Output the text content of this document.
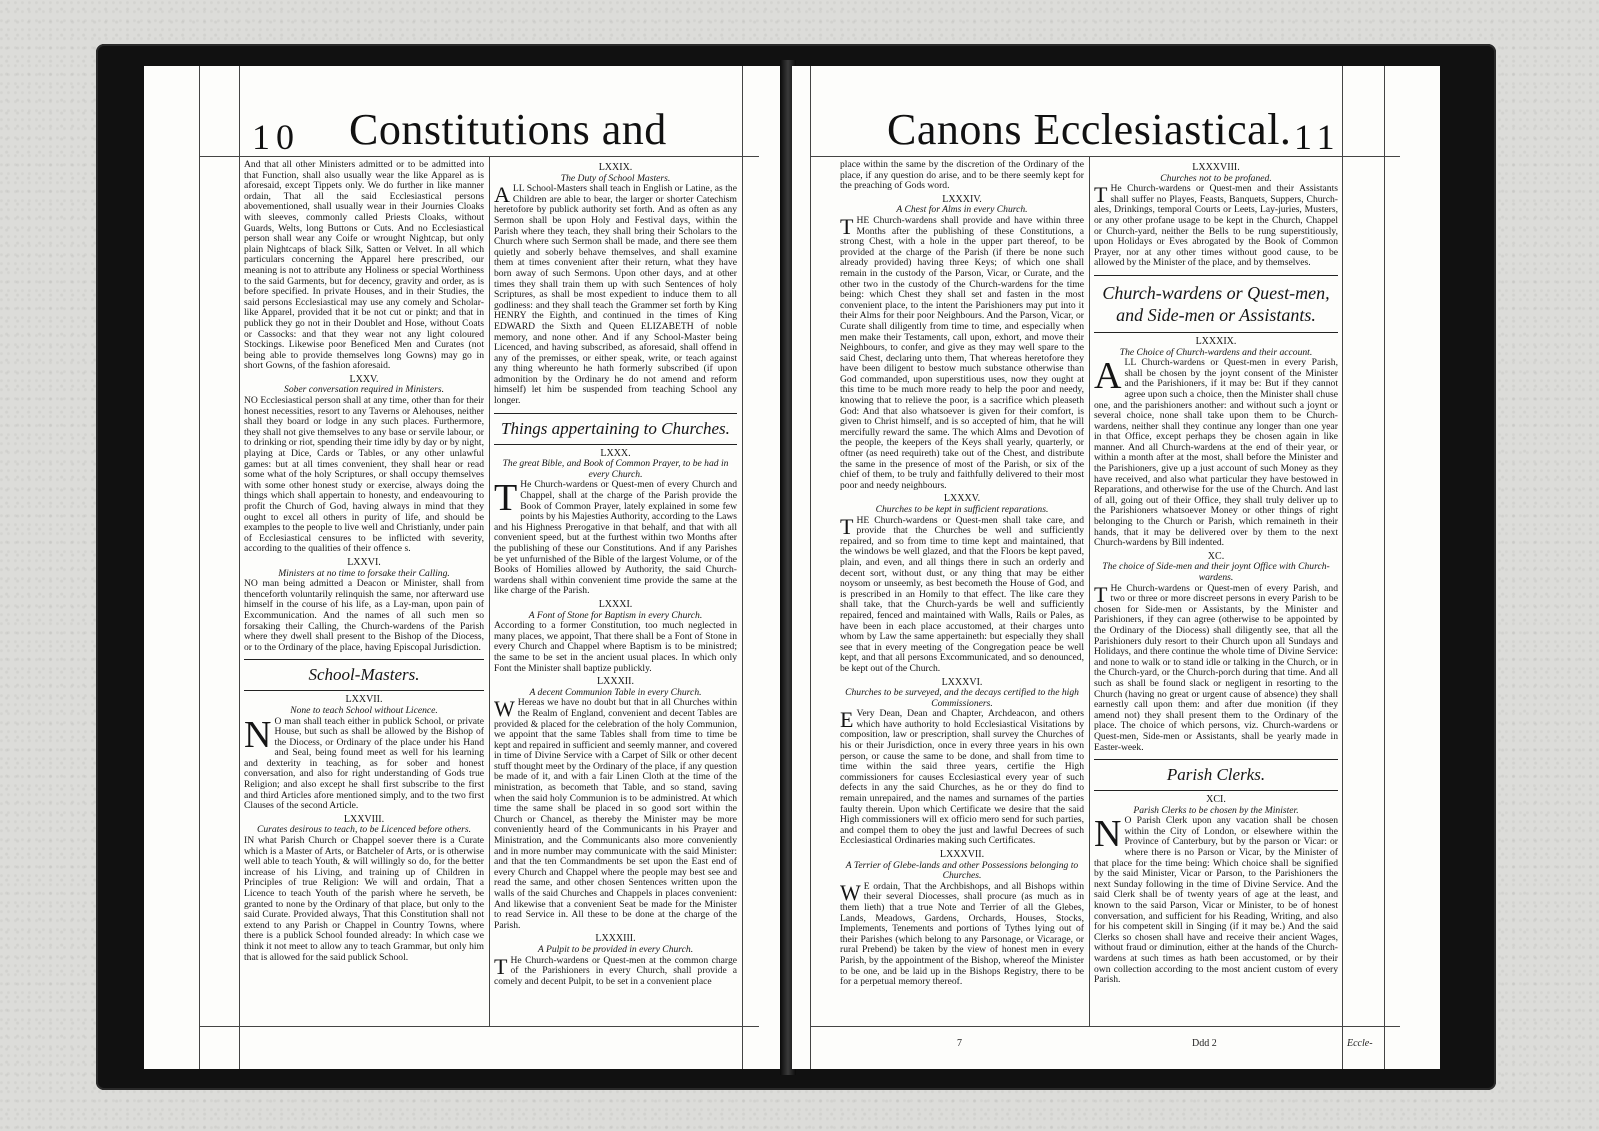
10 Constitutions and

And that all other Ministers admitted or to be admitted into that Function, shall also usually wear the like Apparel as is aforesaid, except Tippets only. We do further in like manner ordain, That all the said Ecclesiastical persons abovementioned, shall usually wear in their Journies Cloaks with sleeves, commonly called Priests Cloaks, without Guards, Welts, long Buttons or Cuts. And no Ecclesiastical person shall wear any Coife or wrought Nightcap, but only plain Nightcaps of black Silk, Satten or Velvet. In all which particulars concerning the Apparel here prescribed, our meaning is not to attribute any Holiness or special Worthiness to the said Garments, but for decency, gravity and order, as is before specified. In private Houses, and in their Studies, the said persons Ecclesiastical may use any comely and Scholar-like Apparel, provided that it be not cut or pinkt; and that in publick they go not in their Doublet and Hose, without Coats or Cassocks: and that they wear not any light coloured Stockings. Likewise poor Beneficed Men and Curates (not being able to provide themselves long Gowns) may go in short Gowns, of the fashion aforesaid.

LXXV.
Sober conversation required in Ministers.

NO Ecclesiastical person shall at any time, other than for their honest necessities, resort to any Taverns or Alehouses, neither shall they board or lodge in any such places. Furthermore, they shall not give themselves to any base or servile labour, or to drinking or riot, spending their time idly by day or by night, playing at Dice, Cards or Tables, or any other unlawful games: but at all times convenient, they shall hear or read some what of the holy Scriptures, or shall occupy themselves with some other honest study or exercise, always doing the things which shall appertain to honesty, and endeavouring to profit the Church of God, having always in mind that they ought to excel all others in purity of life, and should be examples to the people to live well and Christianly, under pain of Ecclesiastical censures to be inflicted with severity, according to the qualities of their offence s.

LXXVI.
Ministers at no time to forsake their Calling.

NO man being admitted a Deacon or Minister, shall from thenceforth voluntarily relinquish the same, nor afterward use himself in the course of his life, as a Lay-man, upon pain of Excommunication. And the names of all such men so forsaking their Calling, the Church-wardens of the Parish where they dwell shall present to the Bishop of the Diocess, or to the Ordinary of the place, having Episcopal Jurisdiction.

School-Masters.
LXXVII.
None to teach School without Licence.

N O man shall teach either in publick School, or private House, but such as shall be allowed by the Bishop of the Diocess, or Ordinary of the place under his Hand and Seal, being found meet as well for his learning and dexterity in teaching, as for sober and honest conversation, and also for right understanding of Gods true Religion; and also except he shall first subscribe to the first and third Articles afore mentioned simply, and to the two first Clauses of the second Article.

LXXVIII.
Curates desirous to teach, to be Licenced before others.

IN what Parish Church or Chappel soever there is a Curate which is a Master of Arts, or Batcheler of Arts, or is otherwise well able to teach Youth, & will willingly so do, for the better increase of his Living, and training up of Children in Principles of true Religion: We will and ordain, That a Licence to teach Youth of the parish where he serveth, be granted to none by the Ordinary of that place, but only to the said Curate. Provided always, That this Constitution shall not extend to any Parish or Chappel in Country Towns, where there is a publick School founded already: In which case we think it not meet to allow any to teach Grammar, but only him that is allowed for the said publick School.

LXXIX.
The Duty of School Masters.

ALL School-Masters shall teach in English or Latine, as the Children are able to bear, the larger or shorter Catechism heretofore by publick authority set forth. And as often as any Sermon shall be upon Holy and Festival days, within the Parish where they teach, they shall bring their Scholars to the Church where such Sermon shall be made, and there see them quietly and soberly behave themselves, and shall examine them at times convenient after their return, what they have born away of such Sermons. Upon other days, and at other times they shall train them up with such Sentences of holy Scriptures, as shall be most expedient to induce them to all godliness: and they shall teach the Grammer set forth by King HENRY the Eighth, and continued in the times of King EDWARD the Sixth and Queen ELIZABETH of noble memory, and none other. And if any School-Master being Licenced, and having subscribed, as aforesaid, shall offend in any of the premisses, or either speak, write, or teach against any thing whereunto he hath formerly subscribed (if upon admonition by the Ordinary he do not amend and reform himself) let him be suspended from teaching School any longer.

Things appertaining to Churches.
LXXX.
The great Bible, and Book of Common Prayer, to be had in every Church.

T He Church-wardens or Quest-men of every Church and Chappel, shall at the charge of the Parish provide the Book of Common Prayer, lately explained in some few points by his Majesties Authority, according to the Laws and his Highness Prerogative in that behalf, and that with all convenient speed, but at the furthest within two Months after the publishing of these our Constitutions. And if any Parishes be yet unfurnished of the Bible of the largest Volume, or of the Books of Homilies allowed by Authority, the said Church-wardens shall within convenient time provide the same at the like charge of the Parish.

LXXXI.
A Font of Stone for Baptism in every Church.

According to a former Constitution, too much neglected in many places, we appoint, That there shall be a Font of Stone in every Church and Chappel where Baptism is to be ministred; the same to be set in the ancient usual places. In which only Font the Minister shall baptize publickly.

LXXXII.
A decent Communion Table in every Church.

W Hereas we have no doubt but that in all Churches within the Realm of England, convenient and decent Tables are provided & placed for the celebration of the holy Communion, we appoint that the same Tables shall from time to time be kept and repaired in sufficient and seemly manner, and covered in time of Divine Service with a Carpet of Silk or other decent stuff thought meet by the Ordinary of the place, if any question be made of it, and with a fair Linen Cloth at the time of the ministration, as becometh that Table, and so stand, saving when the said holy Communion is to be administred. At which time the same shall be placed in so good sort within the Church or Chancel, as thereby the Minister may be more conveniently heard of the Communicants in his Prayer and Ministration, and the Communicants also more conveniently and in more number may communicate with the said Minister: and that the ten Commandments be set upon the East end of every Church and Chappel where the people may best see and read the same, and other chosen Sentences written upon the walls of the said Churches and Chappels in places convenient: And likewise that a convenient Seat be made for the Minister to read Service in. All these to be done at the charge of the Parish.

LXXXIII.
A Pulpit to be provided in every Church.

T He Church-wardens or Quest-men at the common charge of the Parishioners in every Church, shall provide a comely and decent Pulpit, to be set in a convenient place

Canons Ecclesiastical. 11

place within the same by the discretion of the Ordinary of the place, if any question do arise, and to be there seemly kept for the preaching of Gods word.

LXXXIV.
A Chest for Alms in every Church.

THE Church-wardens shall provide and have within three Months after the publishing of these Constitutions, a strong Chest, with a hole in the upper part thereof, to be provided at the charge of the Parish (if there be none such already provided) having three Keys; of which one shall remain in the custody of the Parson, Vicar, or Curate, and the other two in the custody of the Church-wardens for the time being: which Chest they shall set and fasten in the most convenient place, to the intent the Parishioners may put into it their Alms for their poor Neighbours. And the Parson, Vicar, or Curate shall diligently from time to time, and especially when men make their Testaments, call upon, exhort, and move their Neighbours, to confer, and give as they may well spare to the said Chest, declaring unto them, That whereas heretofore they have been diligent to bestow much substance otherwise than God commanded, upon superstitious uses, now they ought at this time to be much more ready to help the poor and needy, knowing that to relieve the poor, is a sacrifice which pleaseth God: And that also whatsoever is given for their comfort, is given to Christ himself, and is so accepted of him, that he will mercifully reward the same. The which Alms and Devotion of the people, the keepers of the Keys shall yearly, quarterly, or oftner (as need requireth) take out of the Chest, and distribute the same in the presence of most of the Parish, or six of the chief of them, to be truly and faithfully delivered to their most poor and needy neighbours.

LXXXV.
Churches to be kept in sufficient reparations.

THE Church-wardens or Quest-men shall take care, and provide that the Churches be well and sufficiently repaired, and so from time to time kept and maintained, that the windows be well glazed, and that the Floors be kept paved, plain, and even, and all things there in such an orderly and decent sort, without dust, or any thing that may be either noysom or unseemly, as best becometh the House of God, and is prescribed in an Homily to that effect. The like care they shall take, that the Church-yards be well and sufficiently repaired, fenced and maintained with Walls, Rails or Pales, as have been in each place accustomed, at their charges unto whom by Law the same appertaineth: but especially they shall see that in every meeting of the Congregation peace be well kept, and that all persons Excommunicated, and so denounced, be kept out of the Church.

LXXXVI.
Churches to be surveyed, and the decays certified to the high Commissioners.

E Very Dean, Dean and Chapter, Archdeacon, and others which have authority to hold Ecclesiastical Visitations by composition, law or prescription, shall survey the Churches of his or their Jurisdiction, once in every three years in his own person, or cause the same to be done, and shall from time to time within the said three years, certifie the High commissioners for causes Ecclesiastical every year of such defects in any the said Churches, as he or they do find to remain unrepaired, and the names and surnames of the parties faulty therein. Upon which Certificate we desire that the said High commissioners will ex officio mero send for such parties, and compel them to obey the just and lawful Decrees of such Ecclesiastical Ordinaries making such Certificates.

LXXXVII.
A Terrier of Glebe-lands and other Possessions belonging to Churches.

W E ordain, That the Archbishops, and all Bishops within their several Diocesses, shall procure (as much as in them lieth) that a true Note and Terrier of all the Glebes, Lands, Meadows, Gardens, Orchards, Houses, Stocks, Implements, Tenements and portions of Tythes lying out of their Parishes (which belong to any Parsonage, or Vicarage, or rural Prebend) be taken by the view of honest men in every Parish, by the appointment of the Bishop, whereof the Minister to be one, and be laid up in the Bishops Registry, there to be for a perpetual memory thereof.

LXXXVIII.
Churches not to be profaned.

T He Church-wardens or Quest-men and their Assistants shall suffer no Playes, Feasts, Banquets, Suppers, Church-ales, Drinkings, temporal Courts or Leets, Lay-juries, Musters, or any other profane usage to be kept in the Church, Chappel or Church-yard, neither the Bells to be rung superstitiously, upon Holidays or Eves abrogated by the Book of Common Prayer, nor at any other times without good cause, to be allowed by the Minister of the place, and by themselves.

Church-wardens or Quest-men, and Side-men or Assistants.
LXXXIX.
The Choice of Church-wardens and their account.

ALL Church-wardens or Quest-men in every Parish, shall be chosen by the joynt consent of the Minister and the Parishioners, if it may be: But if they cannot agree upon such a choice, then the Minister shall chuse one, and the parishioners another: and without such a joynt or several choice, none shall take upon them to be Church-wardens, neither shall they continue any longer than one year in that Office, except perhaps they be chosen again in like manner. And all Church-wardens at the end of their year, or within a month after at the most, shall before the Minister and the Parishioners, give up a just account of such Money as they have received, and also what particular they have bestowed in Reparations, and otherwise for the use of the Church. And last of all, going out of their Office, they shall truly deliver up to the Parishioners whatsoever Money or other things of right belonging to the Church or Parish, which remaineth in their hands, that it may be delivered over by them to the next Church-wardens by Bill indented.

XC.
The choice of Side-men and their joynt Office with Church-wardens.

T He Church-wardens or Quest-men of every Parish, and two or three or more discreet persons in every Parish to be chosen for Side-men or Assistants, by the Minister and Parishioners, if they can agree (otherwise to be appointed by the Ordinary of the Diocess) shall diligently see, that all the Parishioners duly resort to their Church upon all Sundays and Holidays, and there continue the whole time of Divine Service: and none to walk or to stand idle or talking in the Church, or in the Church-yard, or the Church-porch during that time. And all such as shall be found slack or negligent in resorting to the Church (having no great or urgent cause of absence) they shall earnestly call upon them: and after due monition (if they amend not) they shall present them to the Ordinary of the place. The choice of which persons, viz. Church-wardens or Quest-men, Side-men or Assistants, shall be yearly made in Easter-week.

Parish Clerks.
XCI.
Parish Clerks to be chosen by the Minister.

N O Parish Clerk upon any vacation shall be chosen within the City of London, or elsewhere within the Province of Canterbury, but by the parson or Vicar: or where there is no Parson or Vicar, by the Minister of that place for the time being: Which choice shall be signified by the said Minister, Vicar or Parson, to the Parishioners the next Sunday following in the time of Divine Service. And the said Clerk shall be of twenty years of age at the least, and known to the said Parson, Vicar or Minister, to be of honest conversation, and sufficient for his Reading, Writing, and also for his competent skill in Singing (if it may be.) And the said Clerks so chosen shall have and receive their ancient Wages, without fraud or diminution, either at the hands of the Church-wardens at such times as hath been accustomed, or by their own collection according to the most ancient custom of every Parish.

7	Ddd 2	Eccle-
